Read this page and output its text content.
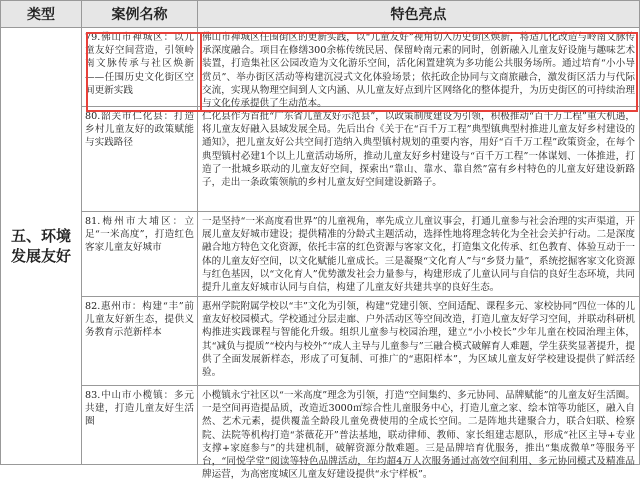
类型	案例名称	特色亮点
五、环境发展友好	79.佛山市禅城区：以儿童友好空间营造，引领岭南文脉传承与社区焕新——任围历史文化街区空间更新实践	佛山市禅城区任围街区的更新实践，以“儿童友好”视角切入历史街区焕新，将适儿化改造与岭南文脉传承深度融合。项目在修缮300余栋传统民居、保留岭南元素的同时，创新融入儿童友好设施与趣味艺术装置，打造集社区公园改造为文化游乐空间，活化闲置建筑为多功能公共服务场所。通过培育“小小导赏员”、举办街区活动等构建沉浸式文化体验场景；依托政企协同与文商旅融合，激发街区活力与代际交流，实现从物理空间到人文内涵、从儿童友好点到片区网络化的整体提升，为历史街区的可持续治理与文化传承提供了生动范本。

	80.韶关市仁化县：打造乡村儿童友好的政策赋能与实践路径	仁化县作为首批“广东省儿童友好示范县”，以政策制度建设为引领，积极推动“百千万工程”重大机遇，将儿童友好融入县域发展全局。先后出台《关于在“百千万工程”典型镇典型村推进儿童友好乡村建设的通知》，把儿童友好公共空间打造纳入典型镇村规划的重要内容，用好“百千万工程”政策资金，在每个典型镇村必建1个以上儿童活动场所，推动儿童友好乡村建设与“百千万工程”一体谋划、一体推进，打造了一批城乡联动的儿童友好空间，探索出“靠山、靠水、靠自然”富有乡村特色的儿童友好建设新路子，走出一条政策领航的乡村儿童友好空间建设新路子。

	81.梅州市大埔区：立足“一米高度”，打造红色客家儿童友好城市	一是坚持“一米高度看世界”的儿童视角，率先成立儿童议事会，打通儿童参与社会治理的实声渠道，开展儿童友好城市建设；提供精准的分龄式主题活动，选择性地将理念转化为全社会关护行动。二是深度融合地方特色文化资源，依托丰富的红色资源与客家文化，打造集文化传承、红色教育、体验互动于一体的儿童友好空间，以文化赋能儿童成长。三是凝聚“文化育人”与“乡贤力量”，系统挖掘客家文化资源与红色基因，以“文化育人”优势激发社会力量参与，构建形成了儿童认同与自信的良好生态环境，共同提升儿童友好城市认同与自信，构建了儿童友好共建共享的良好生态。

	82.惠州市：构建“丰”前儿童友好新生态，提供义务教育示范新样本	惠州学院附属学校以“丰”文化为引领，构建“党建引领、空间适配、课程多元、家校协同”四位一体的儿童友好校园模式。学校通过分层走廊、户外活动区等空间改造，打造儿童友好学习空间，并联动科研机构推进实践课程与智能化升级。组织儿童参与校园治理，建立“小小校长”少年儿童在校园治理主体，其“减负与提质”“校内与校外”“成人主导与儿童参与”三融合模式破解育人难题，学生获奖显著提升，提供了全面发展新样态，形成了可复制、可推广的“惠阳样本”，为区域儿童友好学校建设提供了鲜活经验。

	83.中山市小榄镇：多元共建，打造儿童友好生活圈	小榄镇永宁社区以“一米高度”理念为引领，打造“空间集约、多元协同、品牌赋能”的儿童友好生活圈。一是空间再造提品质，改造近3000㎡综合性儿童服务中心，打造儿童之家、绘本馆等功能区，融入自然、艺术元素，提供覆盖全龄段儿童免费使用的全成长空间。二是阵地共建聚合力，联合妇联、检察院、法院等机构打造“茶薇花开”普法基地，联动律师、教师、家长组建志愿队，形成“社区主导+专业支撑+家庭参与”的共建机制，破解资源分散难题。三是品牌培育优服务，推出“集成微单”等服务平台，“同悦学堂”阅读等特色品牌活动，年均超4万人次服务通过高效空间利用、多元协同模式及精准品牌运营，为高密度城区儿童友好建设提供“永宁样板”。
